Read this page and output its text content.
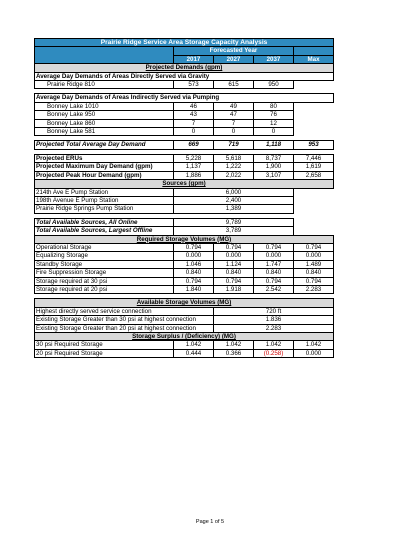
Prairie Ridge Service Area Storage Capacity Analysis				
	Forecasted Year			
	2017	2027	2037	Max
Projected Demands (gpm)				
Average Day Demands of Areas Directly Served via Gravity				
Prairie Ridge 810	573	615	950	

Average Day Demands of Areas Indirectly Served via Pumping				
Bonney Lake 1010	46	49	80	
Bonney Lake 950	43	47	76	
Bonney Lake 860	7	7	12	
Bonney Lake 581	0	0	0	

Projected Total Average Day Demand	669	719	1,118	953

Projected ERUs	5,228	5,618	8,737	7,446
Projected Maximum Day Demand (gpm)	1,137	1,222	1,900	1,619
Projected Peak Hour Demand (gpm)	1,886	2,022	3,107	2,658
Sources (gpm)				
214th Ave E Pump Station	6,000			
198th Avenue E Pump Station	2,400			
Prairie Ridge Springs Pump Station	1,389			

Total Available Sources, All Online	9,789			
Total Available Sources, Largest Offline	3,789			
Required Storage Volumes (MG)				
Operational Storage	0.794	0.794	0.794	0.794
Equalizing Storage	0.000	0.000	0.000	0.000
Standby Storage	1.046	1.124	1.747	1.489
Fire Suppression Storage	0.840	0.840	0.840	0.840
Storage required at 30 psi	0.794	0.794	0.794	0.794
Storage required at 20 psi	1.840	1.918	2.542	2.283

Available Storage Volumes (MG)				
Highest directly served service connection		720 ft		
Existing Storage Greater than 30 psi at highest connection		1.836		
Existing Storage Greater than 20 psi at highest connection		2.283		
Storage Surplus / (Deficiency) (MG)				
30 psi Required Storage	1.042	1.042	1.042	1.042
20 psi Required Storage	0.444	0.366	(0.258)	0.000
Page 1 of 5
